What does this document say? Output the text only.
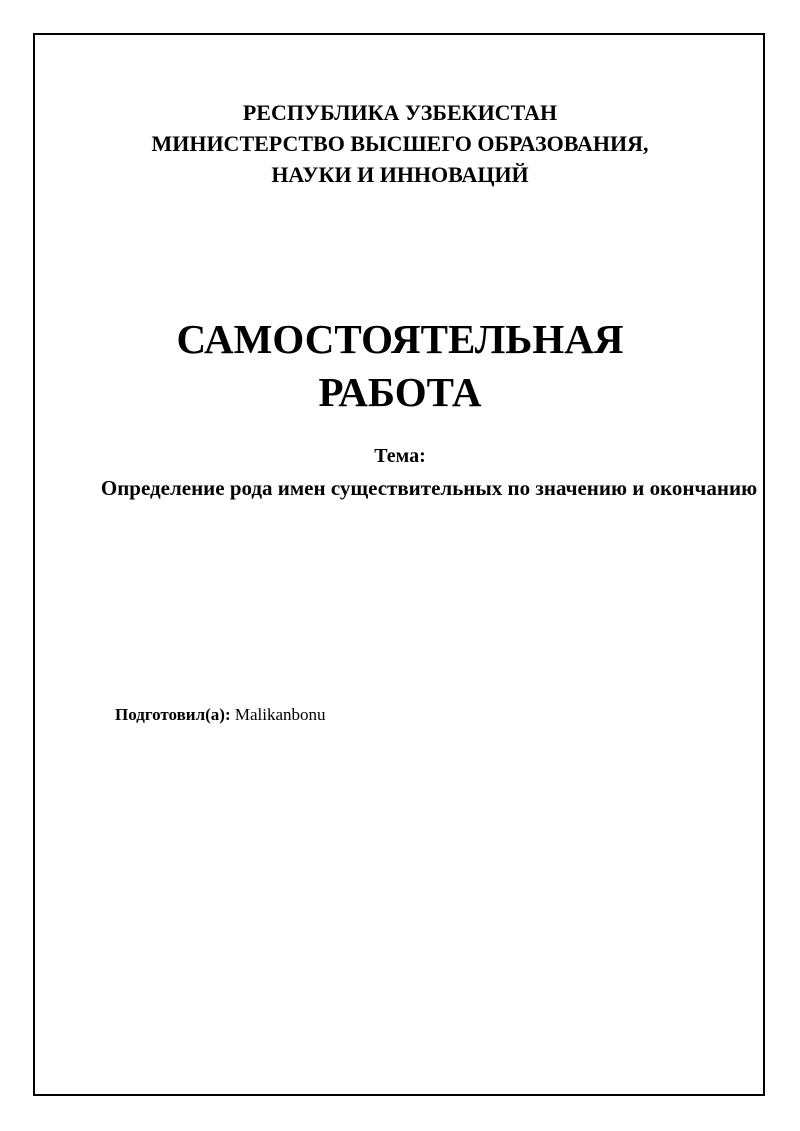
РЕСПУБЛИКА УЗБЕКИСТАН
МИНИСТЕРСТВО ВЫСШЕГО ОБРАЗОВАНИЯ,
НАУКИ И ИННОВАЦИЙ
САМОСТОЯТЕЛЬНАЯ
РАБОТА
Тема:
Определение рода имен существительных по значению и окончанию
Подготовил(а): Malikanbonu
